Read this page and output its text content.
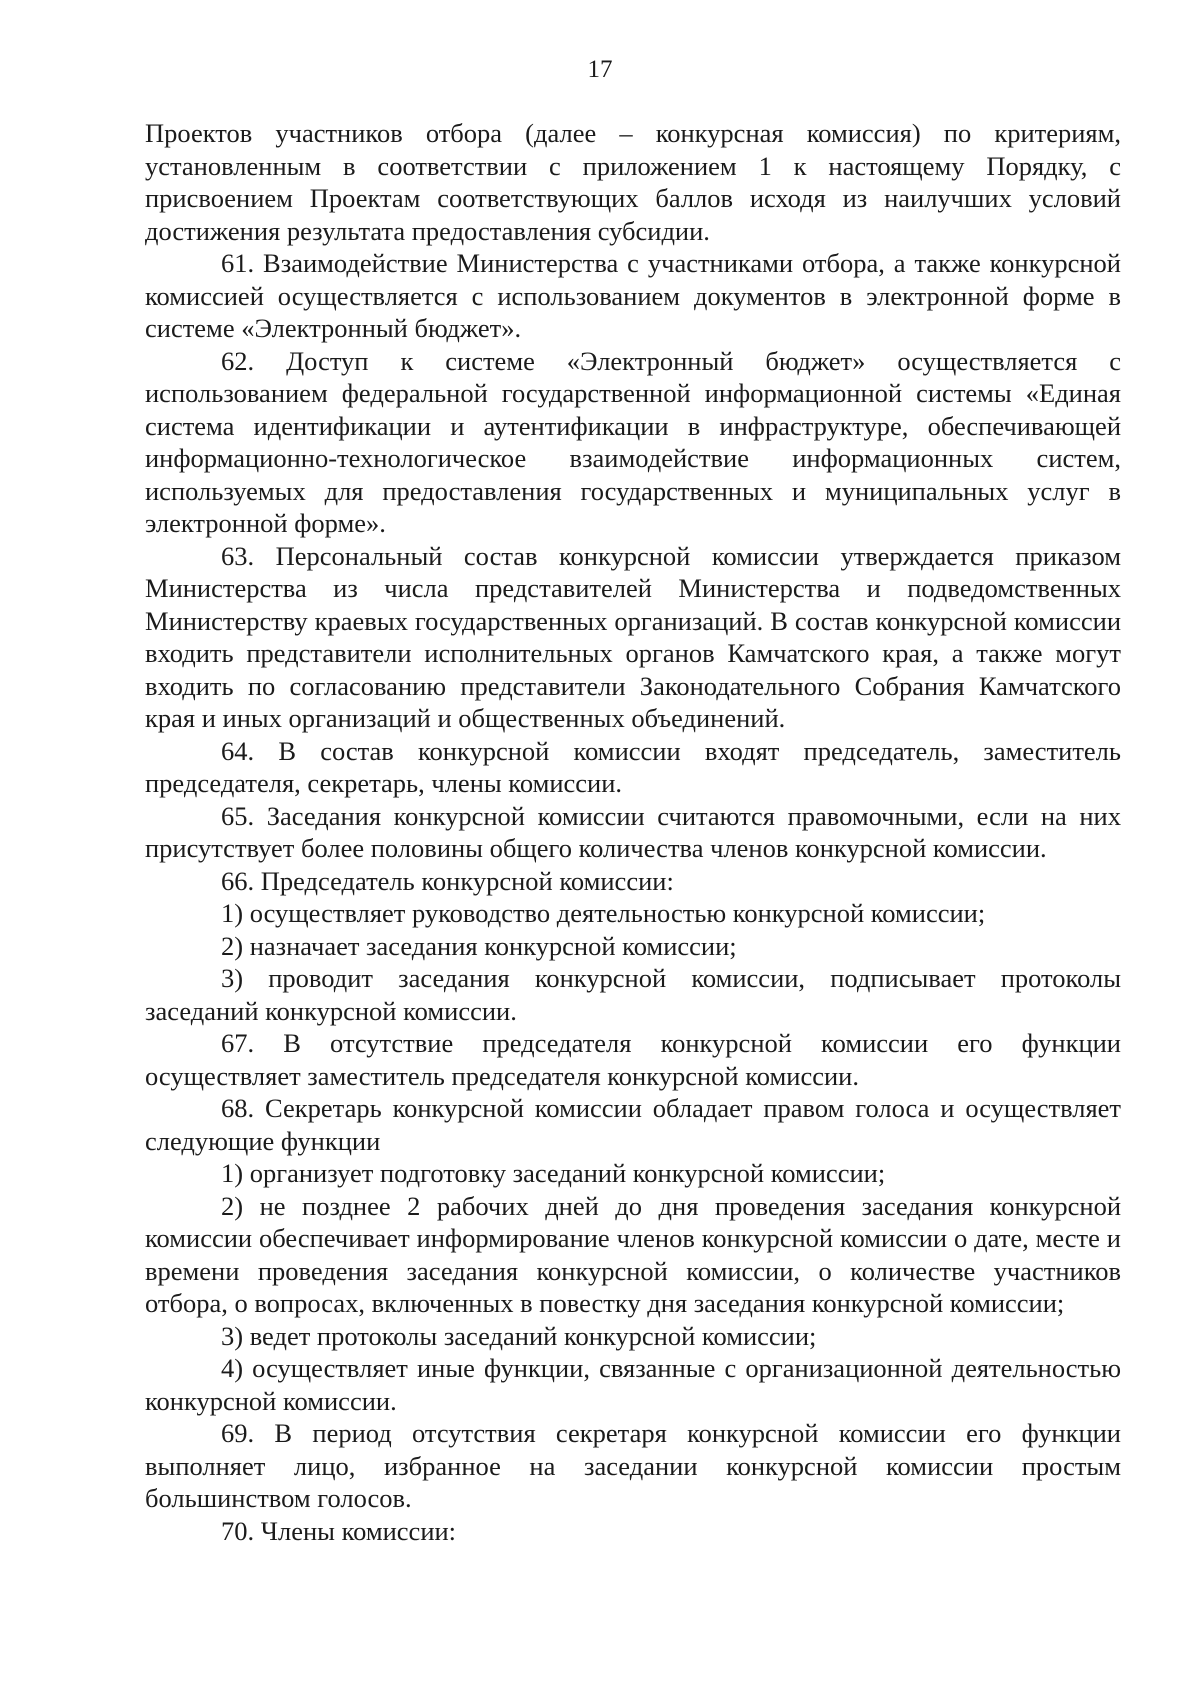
17

Проектов участников отбора (далее – конкурсная комиссия) по критериям, установленным в соответствии с приложением 1 к настоящему Порядку, с присвоением Проектам соответствующих баллов исходя из наилучших условий достижения результата предоставления субсидии.

61. Взаимодействие Министерства с участниками отбора, а также конкурсной комиссией осуществляется с использованием документов в электронной форме в системе «Электронный бюджет».

62. Доступ к системе «Электронный бюджет» осуществляется с использованием федеральной государственной информационной системы «Единая система идентификации и аутентификации в инфраструктуре, обеспечивающей информационно-технологическое взаимодействие информационных систем, используемых для предоставления государственных и муниципальных услуг в электронной форме».

63. Персональный состав конкурсной комиссии утверждается приказом Министерства из числа представителей Министерства и подведомственных Министерству краевых государственных организаций. В состав конкурсной комиссии входить представители исполнительных органов Камчатского края, а также могут входить по согласованию представители Законодательного Собрания Камчатского края и иных организаций и общественных объединений.

64. В состав конкурсной комиссии входят председатель, заместитель председателя, секретарь, члены комиссии.

65. Заседания конкурсной комиссии считаются правомочными, если на них присутствует более половины общего количества членов конкурсной комиссии.

66. Председатель конкурсной комиссии:

1) осуществляет руководство деятельностью конкурсной комиссии;

2) назначает заседания конкурсной комиссии;

3) проводит заседания конкурсной комиссии, подписывает протоколы заседаний конкурсной комиссии.

67. В отсутствие председателя конкурсной комиссии его функции осуществляет заместитель председателя конкурсной комиссии.

68. Секретарь конкурсной комиссии обладает правом голоса и осуществляет следующие функции

1) организует подготовку заседаний конкурсной комиссии;

2) не позднее 2 рабочих дней до дня проведения заседания конкурсной комиссии обеспечивает информирование членов конкурсной комиссии о дате, месте и времени проведения заседания конкурсной комиссии, о количестве участников отбора, о вопросах, включенных в повестку дня заседания конкурсной комиссии;

3) ведет протоколы заседаний конкурсной комиссии;

4) осуществляет иные функции, связанные с организационной деятельностью конкурсной комиссии.

69. В период отсутствия секретаря конкурсной комиссии его функции выполняет лицо, избранное на заседании конкурсной комиссии простым большинством голосов.

70. Члены комиссии:
